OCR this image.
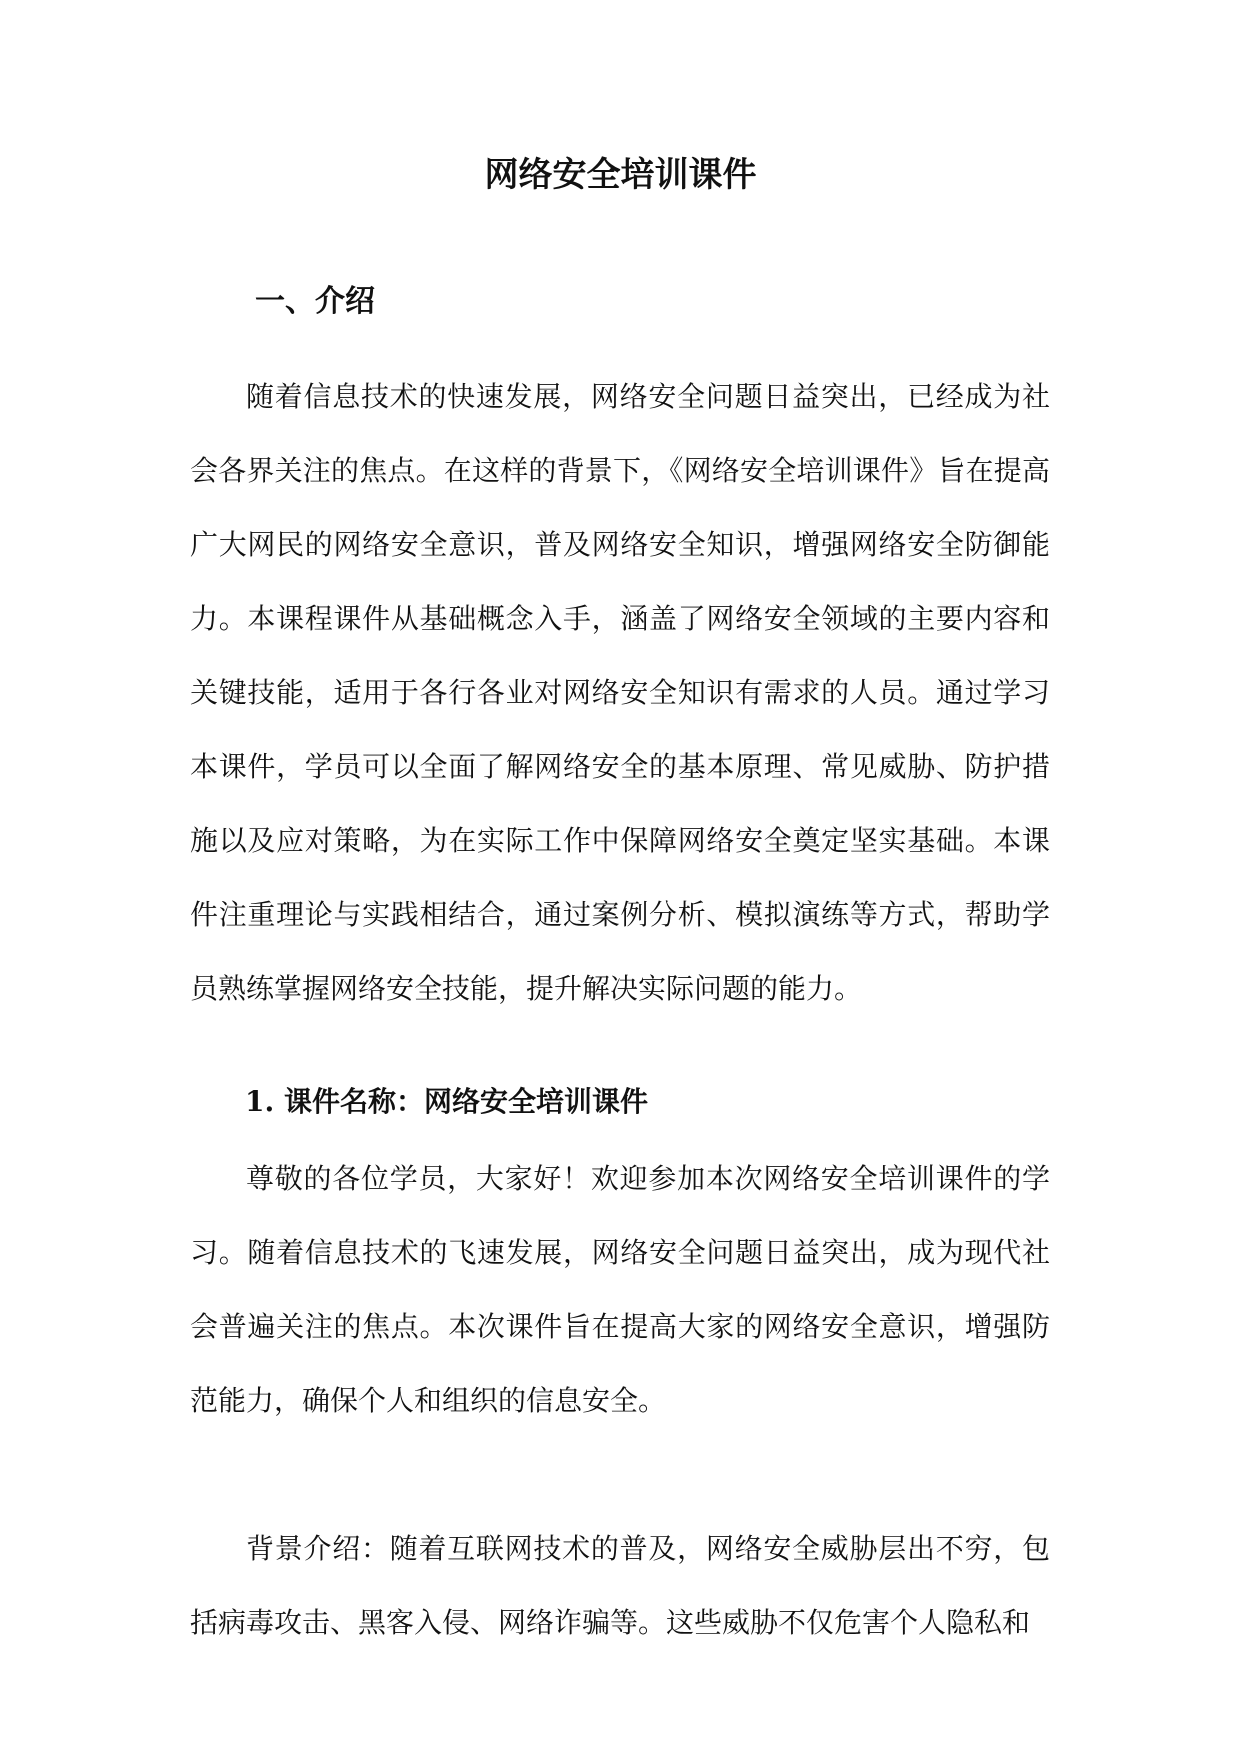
网络安全培训课件
一、介绍

随着信息技术的快速发展，网络安全问题日益突出，已经成为社会各界关注的焦点。在这样的背景下，《网络安全培训课件》旨在提高广大网民的网络安全意识，普及网络安全知识，增强网络安全防御能力。本课程课件从基础概念入手，涵盖了网络安全领域的主要内容和关键技能，适用于各行各业对网络安全知识有需求的人员。通过学习本课件，学员可以全面了解网络安全的基本原理、常见威胁、防护措施以及应对策略，为在实际工作中保障网络安全奠定坚实基础。本课件注重理论与实践相结合，通过案例分析、模拟演练等方式，帮助学员熟练掌握网络安全技能，提升解决实际问题的能力。

1. 课件名称：网络安全培训课件

尊敬的各位学员，大家好！欢迎参加本次网络安全培训课件的学习。随着信息技术的飞速发展，网络安全问题日益突出，成为现代社会普遍关注的焦点。本次课件旨在提高大家的网络安全意识，增强防范能力，确保个人和组织的信息安全。

背景介绍：随着互联网技术的普及，网络安全威胁层出不穷，包括病毒攻击、黑客入侵、网络诈骗等。这些威胁不仅危害个人隐私和
